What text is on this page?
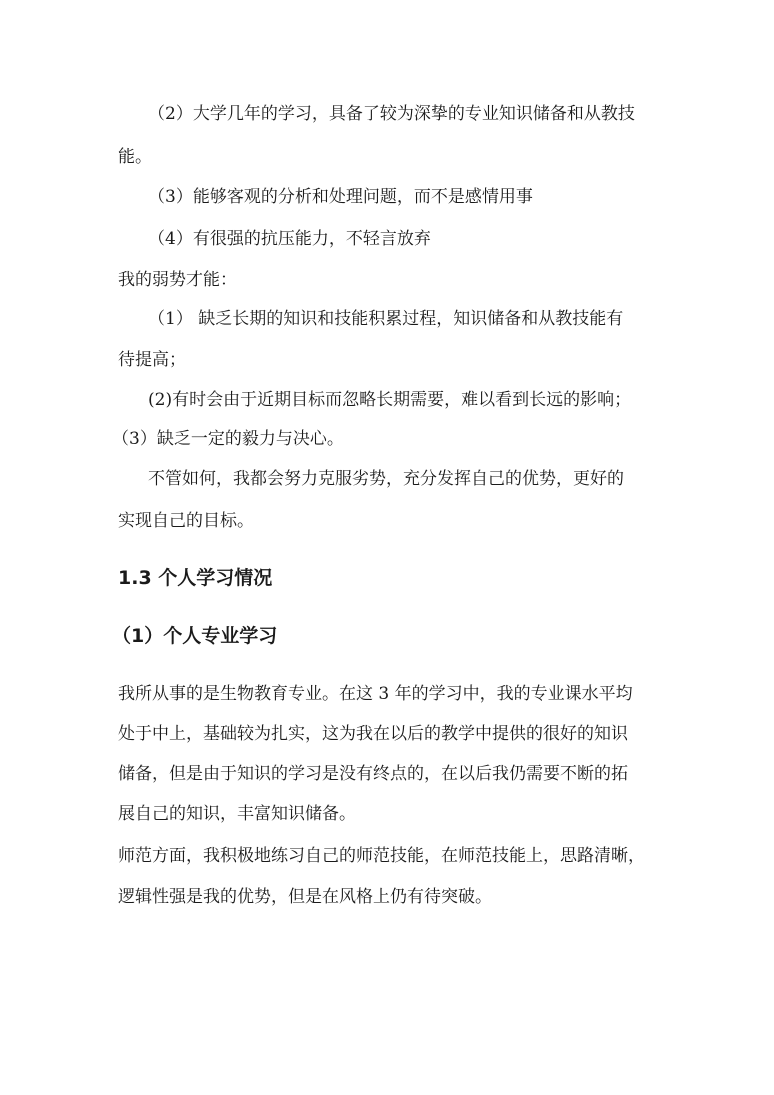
（2）大学几年的学习，具备了较为深挚的专业知识储备和从教技
能。
（3）能够客观的分析和处理问题，而不是感情用事
（4）有很强的抗压能力，不轻言放弃
我的弱势才能：
（1） 缺乏长期的知识和技能积累过程，知识储备和从教技能有
待提高；
(2)有时会由于近期目标而忽略长期需要，难以看到长远的影响；
（3）缺乏一定的毅力与决心。
不管如何，我都会努力克服劣势，充分发挥自己的优势，更好的
实现自己的目标。
1.3 个人学习情况
（1）个人专业学习
我所从事的是生物教育专业。在这 3 年的学习中，我的专业课水平均
处于中上，基础较为扎实，这为我在以后的教学中提供的很好的知识
储备，但是由于知识的学习是没有终点的，在以后我仍需要不断的拓
展自己的知识，丰富知识储备。
师范方面，我积极地练习自己的师范技能，在师范技能上，思路清晰，
逻辑性强是我的优势，但是在风格上仍有待突破。
